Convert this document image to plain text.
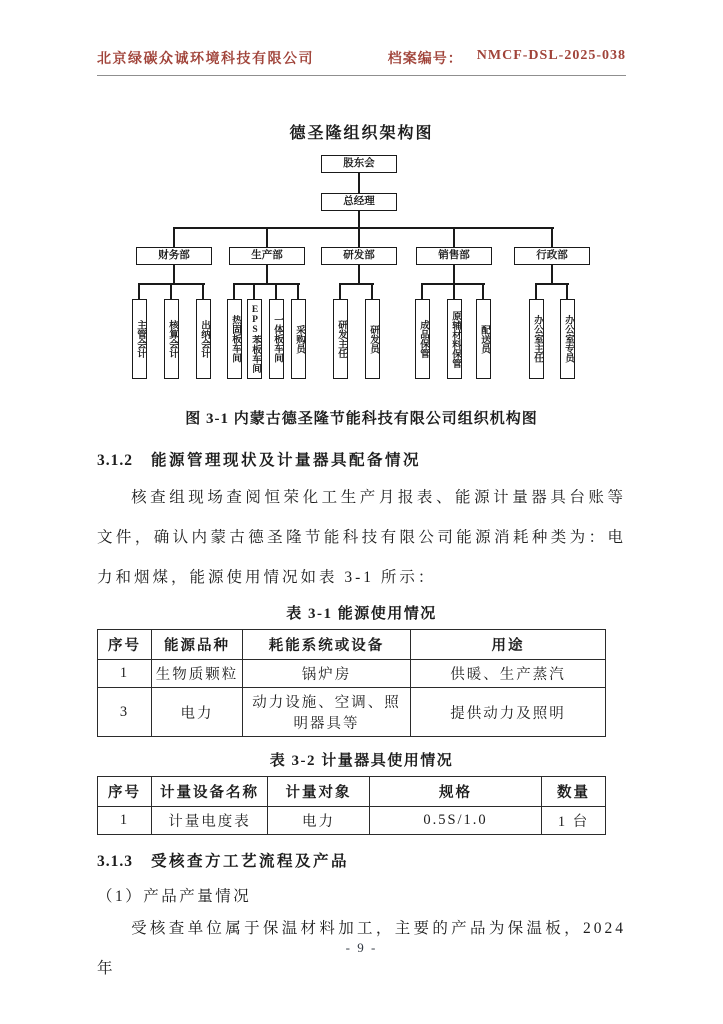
北京绿碳众诚环境科技有限公司	档案编号： NMCF-DSL-2025-038
德圣隆组织架构图
股东会
总经理
财务部	生产部	研发部	销售部	行政部
主管会计	核算会计	出纳会计	热固板车间	EPS苯板车间	一体板车间	采购员	研发主任	研发员	成品保管	原辅材料保管	配送员	办公室主任	办公室专员
图 3-1 内蒙古德圣隆节能科技有限公司组织机构图
3.1.2 能源管理现状及计量器具配备情况
核查组现场查阅恒荣化工生产月报表、能源计量器具台账等文件，确认内蒙古德圣隆节能科技有限公司能源消耗种类为：电力和烟煤，能源使用情况如表 3-1 所示：
表 3-1 能源使用情况
序号	能源品种	耗能系统或设备	用途
1	生物质颗粒	锅炉房	供暖、生产蒸汽
3	电力	动力设施、空调、照明器具等	提供动力及照明
表 3-2 计量器具使用情况
序号	计量设备名称	计量对象	规格	数量
1	计量电度表	电力	0.5S/1.0	1 台
3.1.3 受核查方工艺流程及产品
（1）产品产量情况
受核查单位属于保温材料加工，主要的产品为保温板，2024 年
- 9 -
